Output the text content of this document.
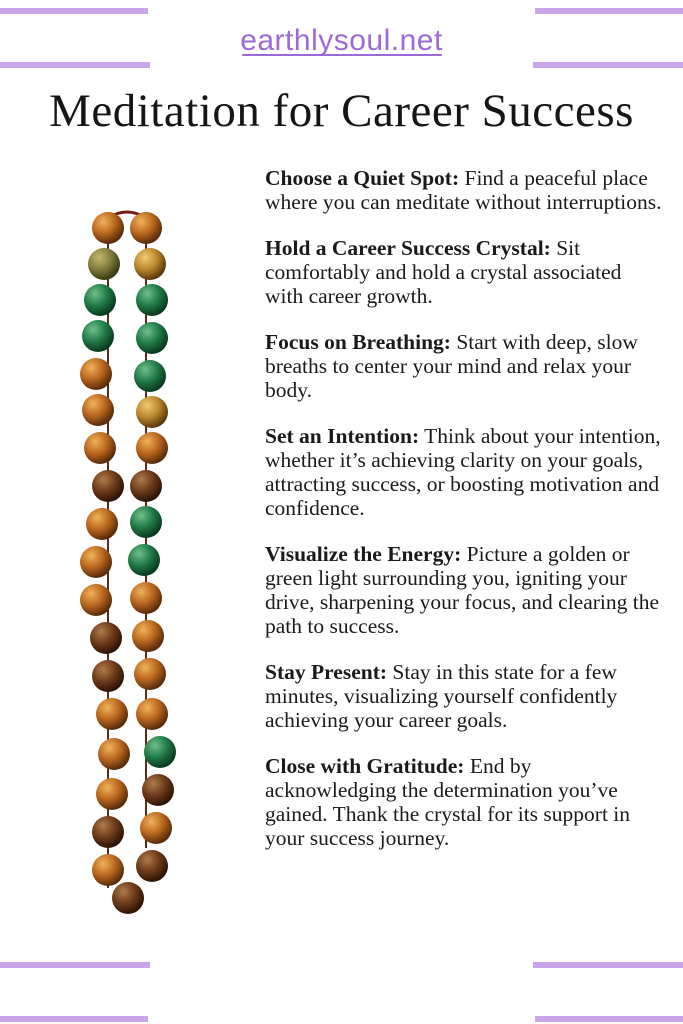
earthlysoul.net
Meditation for Career Success
Choose a Quiet Spot: Find a peaceful place where you can meditate without interruptions.
Hold a Career Success Crystal: Sit comfortably and hold a crystal associated with career growth.
Focus on Breathing: Start with deep, slow breaths to center your mind and relax your body.
Set an Intention: Think about your intention, whether it’s achieving clarity on your goals, attracting success, or boosting motivation and confidence.
Visualize the Energy: Picture a golden or green light surrounding you, igniting your drive, sharpening your focus, and clearing the path to success.
Stay Present: Stay in this state for a few minutes, visualizing yourself confidently achieving your career goals.
Close with Gratitude: End by acknowledging the determination you’ve gained. Thank the crystal for its support in your success journey.
